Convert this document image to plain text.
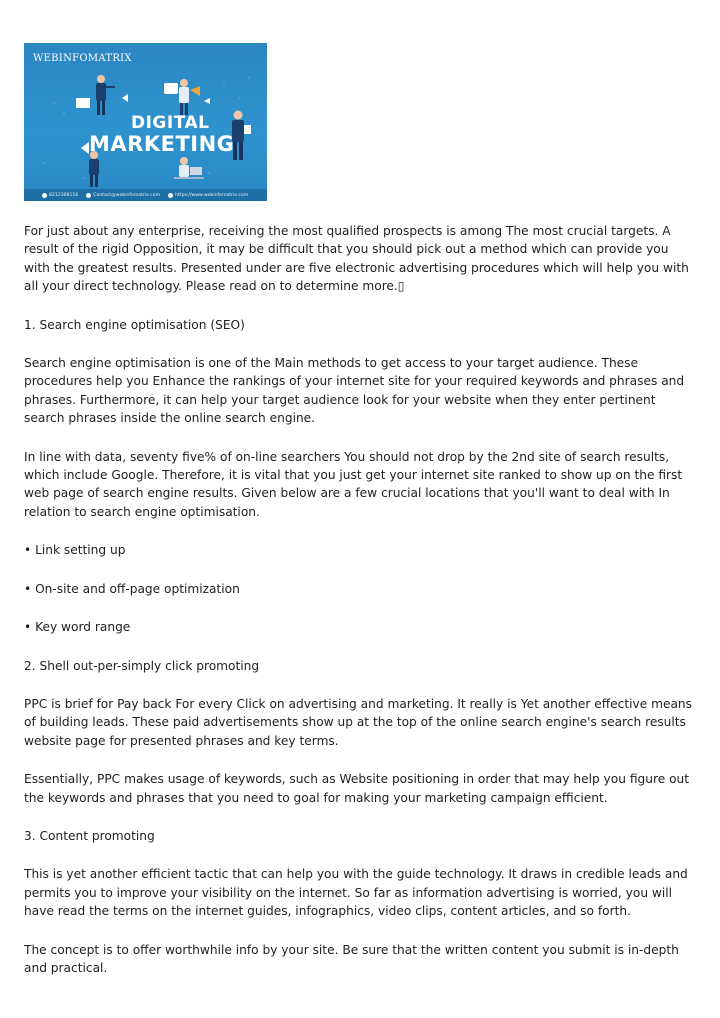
WEBINFOMATRIX
DIGITAL
MARKETING
8212308116	Contact@webinfomatrix.com	https://www.webinfomatrix.com

For just about any enterprise, receiving the most qualified prospects is among The most crucial targets. A result of the rigid Opposition, it may be difficult that you should pick out a method which can provide you with the greatest results. Presented under are five electronic advertising procedures which will help you with all your direct technology. Please read on to determine more.▯

1. Search engine optimisation (SEO)

Search engine optimisation is one of the Main methods to get access to your target audience. These procedures help you Enhance the rankings of your internet site for your required keywords and phrases and phrases. Furthermore, it can help your target audience look for your website when they enter pertinent search phrases inside the online search engine.

In line with data, seventy five% of on-line searchers You should not drop by the 2nd site of search results, which include Google. Therefore, it is vital that you just get your internet site ranked to show up on the first web page of search engine results. Given below are a few crucial locations that you'll want to deal with In relation to search engine optimisation.

• Link setting up

• On-site and off-page optimization

• Key word range

2. Shell out-per-simply click promoting

PPC is brief for Pay back For every Click on advertising and marketing. It really is Yet another effective means of building leads. These paid advertisements show up at the top of the online search engine's search results website page for presented phrases and key terms.

Essentially, PPC makes usage of keywords, such as Website positioning in order that may help you figure out the keywords and phrases that you need to goal for making your marketing campaign efficient.

3. Content promoting

This is yet another efficient tactic that can help you with the guide technology. It draws in credible leads and permits you to improve your visibility on the internet. So far as information advertising is worried, you will have read the terms on the internet guides, infographics, video clips, content articles, and so forth.

The concept is to offer worthwhile info by your site. Be sure that the written content you submit is in-depth and practical.
